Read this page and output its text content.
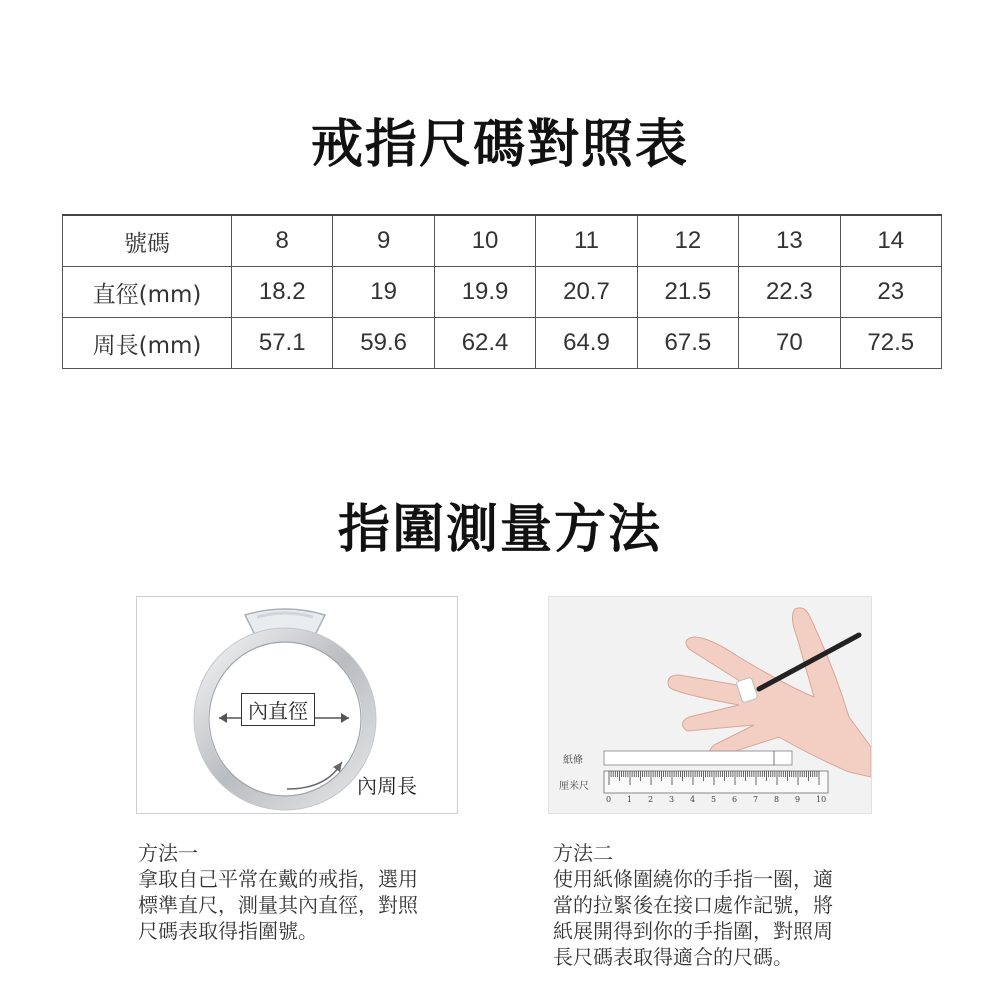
戒指尺碼對照表
號碼	8	9	10	11	12	13	14
直徑(mm)	18.2	19	19.9	20.7	21.5	22.3	23
周長(mm)	57.1	59.6	62.4	64.9	67.5	70	72.5
指圍測量方法
內直徑
內周長
紙條
厘米尺
0 1 2 3 4 5 6 7 8 9 10

方法一

拿取自己平常在戴的戒指，選用

標準直尺，測量其內直徑，對照

尺碼表取得指圍號。

方法二

使用紙條圍繞你的手指一圈，適

當的拉緊後在接口處作記號，將

紙展開得到你的手指圍，對照周

長尺碼表取得適合的尺碼。
